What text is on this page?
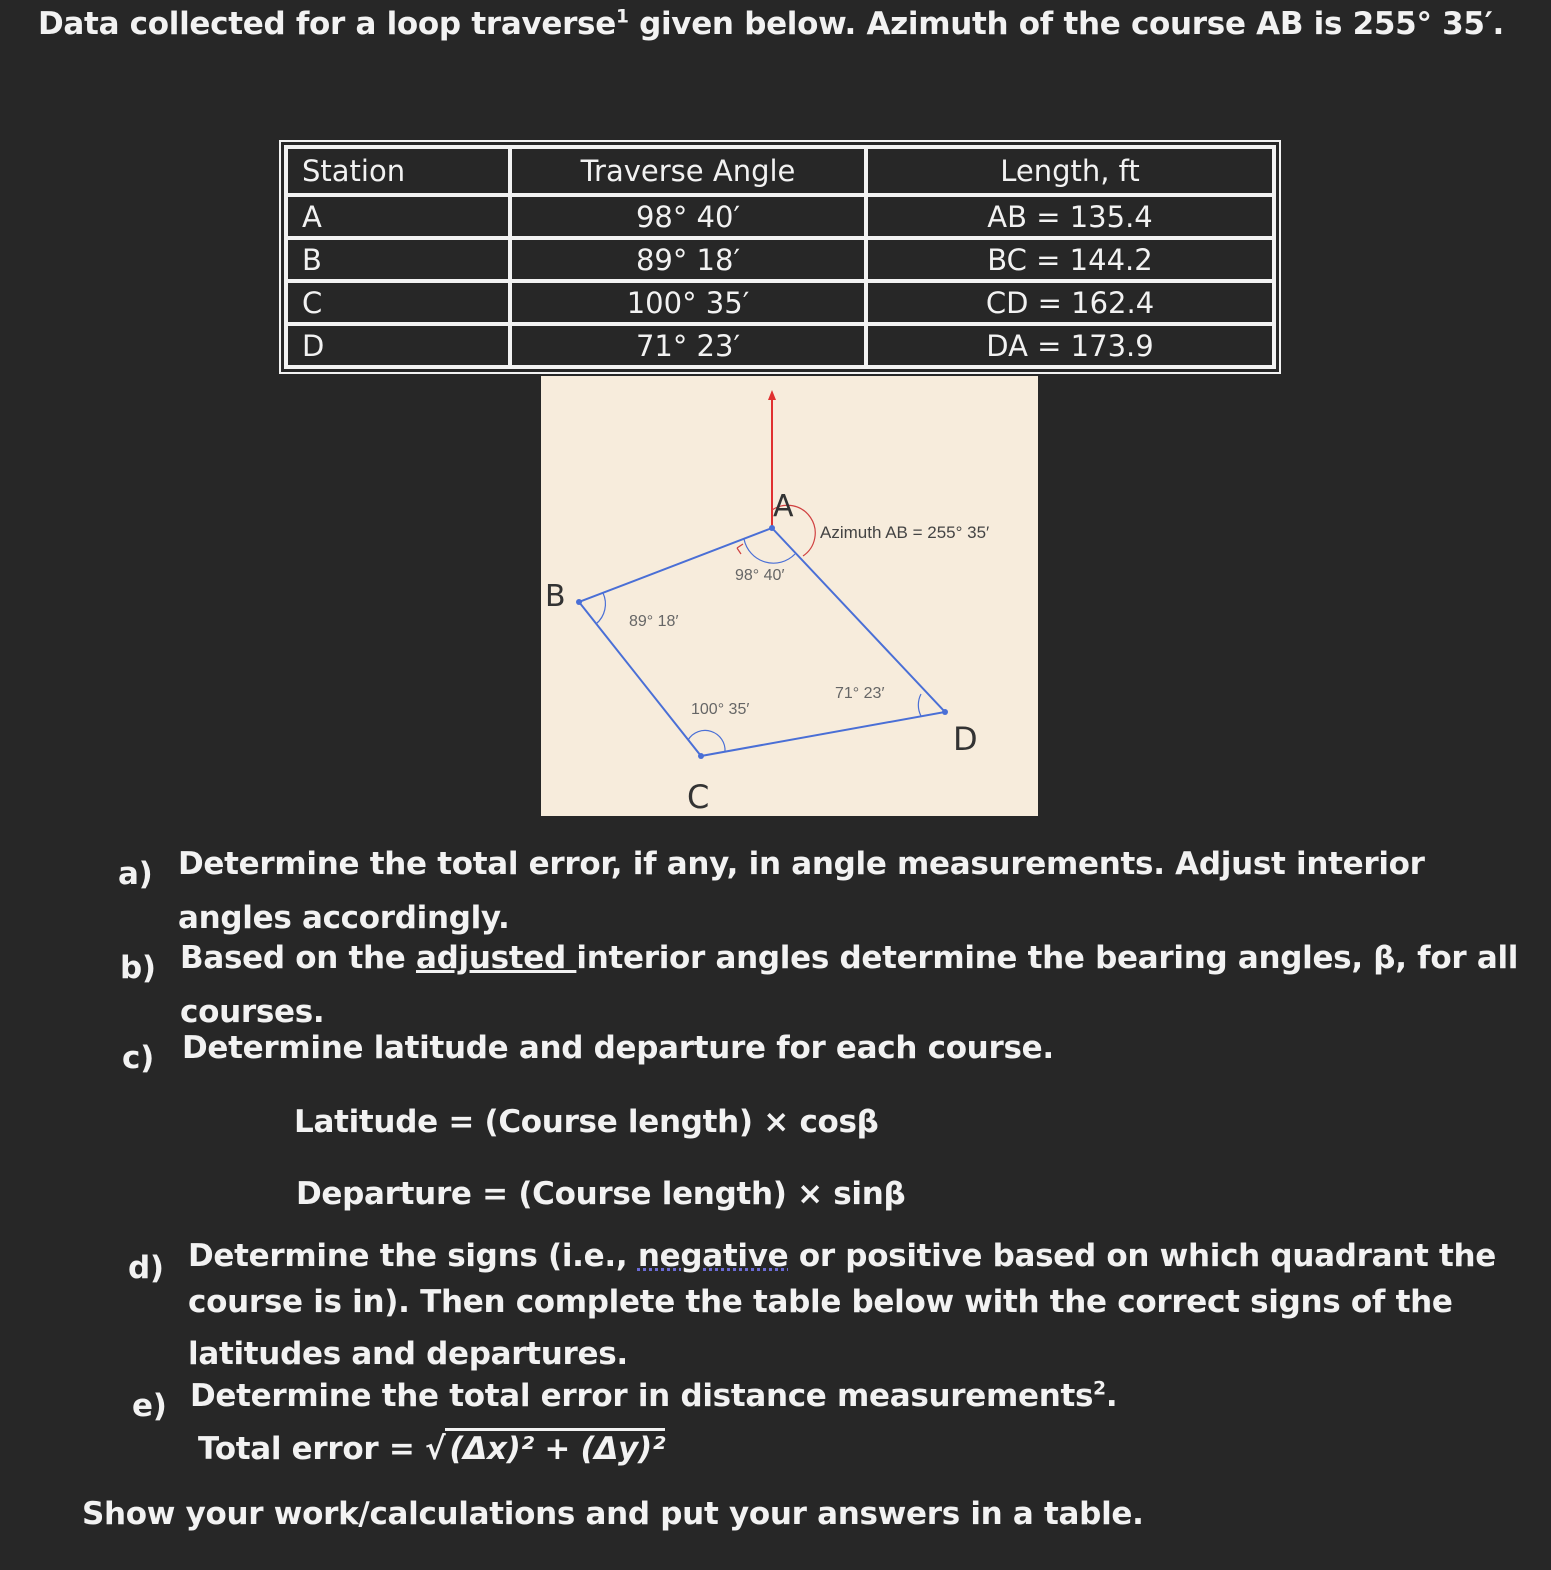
Data collected for a loop traverse$^1$ given below. Azimuth of the course AB is 255° 35′.
Station	Traverse Angle	Length, ft
A	98° 40′	AB = 135.4
B	89° 18′	BC = 144.2
C	100° 35′	CD = 162.4
D	71° 23′	DA = 173.9
A
B
C
D
Azimuth AB = 255° 35′
98° 40′
89° 18′
100° 35′
71° 23′
a) Determine the total error, if any, in angle measurements. Adjust interior
angles accordingly.
b) Based on the adjusted interior angles determine the bearing angles, β, for all
courses.
c) Determine latitude and departure for each course.
Latitude = (Course length) × cosβ
Departure = (Course length) × sinβ
d) Determine the signs (i.e., negative or positive based on which quadrant the
course is in). Then complete the table below with the correct signs of the
latitudes and departures.
e) Determine the total error in distance measurements$^2$.
Total error = √ (Δx)² + (Δy)²
Show your work/calculations and put your answers in a table.
